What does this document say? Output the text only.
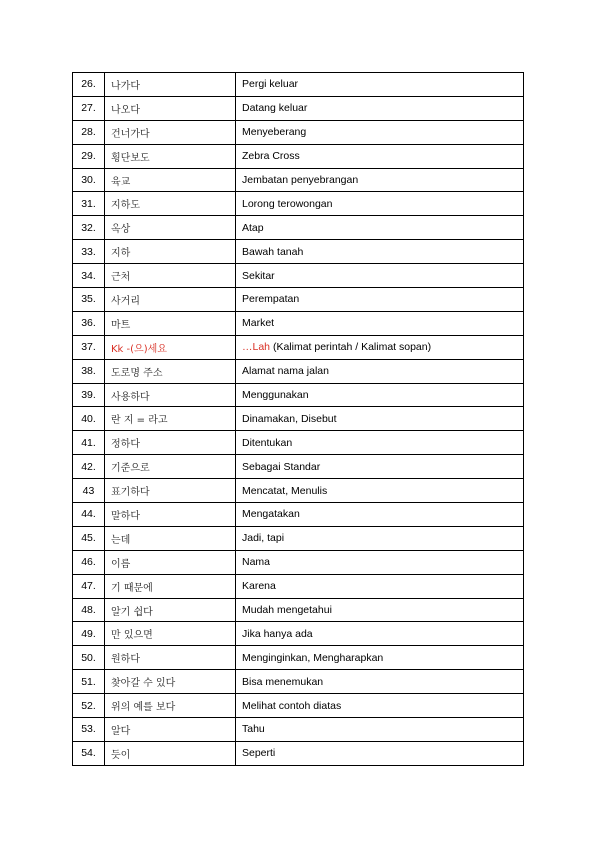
26.	나가다	Pergi keluar
27.	나오다	Datang keluar
28.	건너가다	Menyeberang
29.	횡단보도	Zebra Cross
30.	육교	Jembatan penyebrangan
31.	지하도	Lorong terowongan
32.	옥상	Atap
33.	지하	Bawah tanah
34.	근처	Sekitar
35.	사거리	Perempatan
36.	마트	Market
37.	Kk -(으)세요	…Lah (Kalimat perintah / Kalimat sopan)
38.	도로명 주소	Alamat nama jalan
39.	사용하다	Menggunakan
40.	란 지 = 라고	Dinamakan, Disebut
41.	정하다	Ditentukan
42.	기준으로	Sebagai Standar
43	표기하다	Mencatat, Menulis
44.	말하다	Mengatakan
45.	는데	Jadi, tapi
46.	이름	Nama
47.	기 때문에	Karena
48.	알기 쉽다	Mudah mengetahui
49.	만 있으면	Jika hanya ada
50.	원하다	Menginginkan, Mengharapkan
51.	찾아갈 수 있다	Bisa menemukan
52.	위의 예를 보다	Melihat contoh diatas
53.	알다	Tahu
54.	듯이	Seperti
